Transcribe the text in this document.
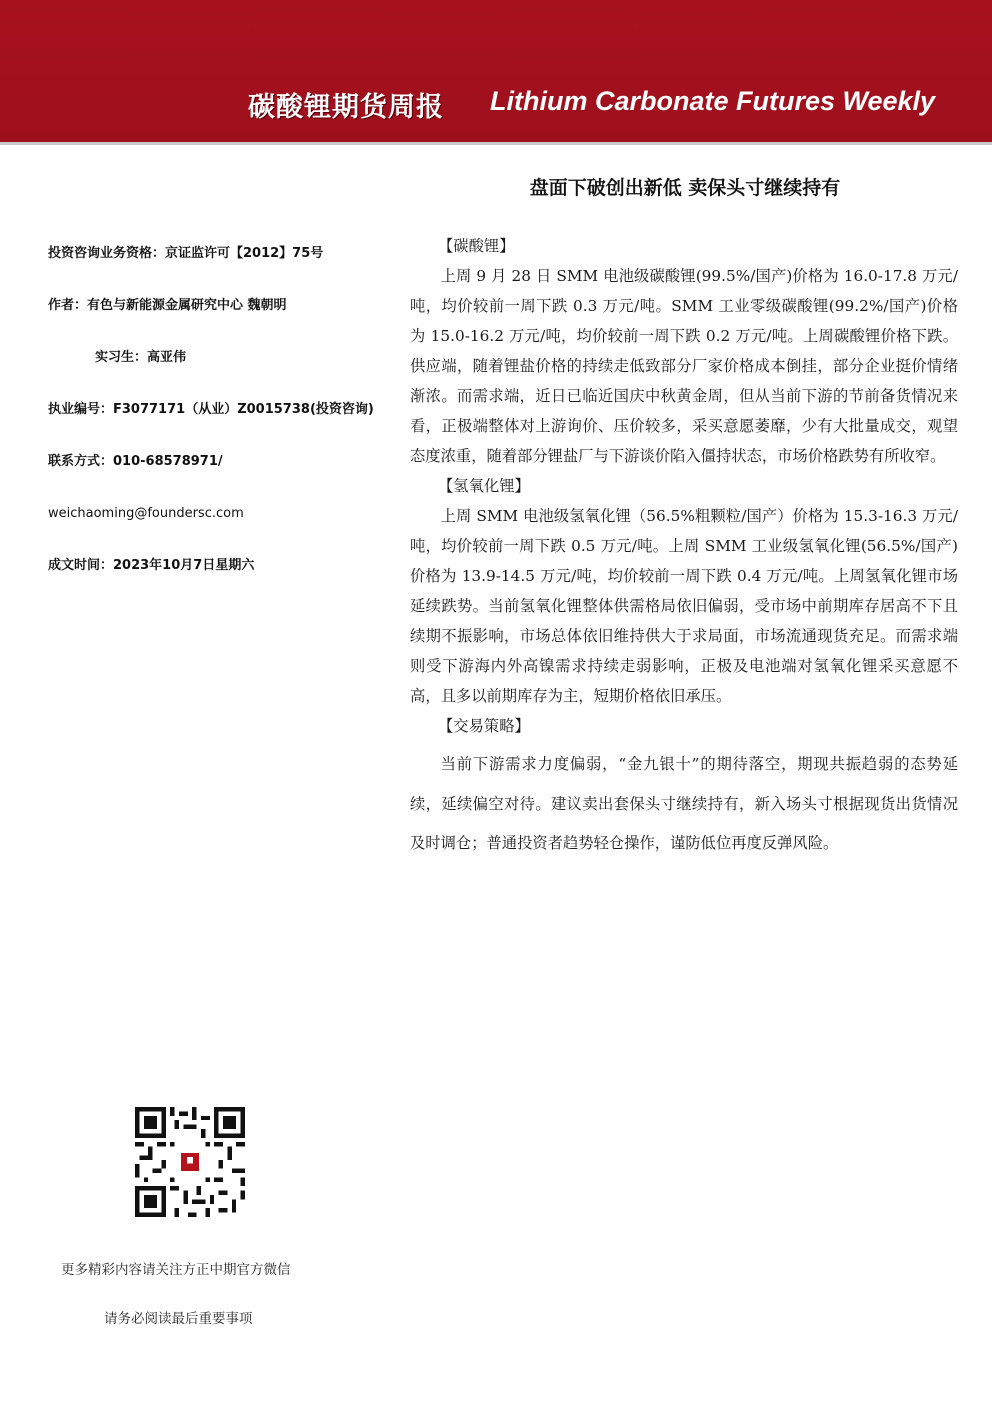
碳酸锂期货周报 Lithium Carbonate Futures Weekly
盘面下破创出新低 卖保头寸继续持有
投资咨询业务资格：京证监许可【2012】75号
作者：有色与新能源金属研究中心 魏朝明
实习生：高亚伟
执业编号：F3077171（从业）Z0015738(投资咨询)
联系方式：010-68578971/
weichaoming@foundersc.com
成文时间：2023年10月7日星期六
【碳酸锂】

上周 9 月 28 日 SMM 电池级碳酸锂(99.5%/国产)价格为 16.0-17.8 万元/吨，均价较前一周下跌 0.3 万元/吨。SMM 工业零级碳酸锂(99.2%/国产)价格为 15.0-16.2 万元/吨，均价较前一周下跌 0.2 万元/吨。上周碳酸锂价格下跌。供应端，随着锂盐价格的持续走低致部分厂家价格成本倒挂，部分企业挺价情绪渐浓。而需求端，近日已临近国庆中秋黄金周，但从当前下游的节前备货情况来看，正极端整体对上游询价、压价较多，采买意愿萎靡，少有大批量成交，观望态度浓重，随着部分锂盐厂与下游谈价陷入僵持状态，市场价格跌势有所收窄。

【氢氧化锂】

上周 SMM 电池级氢氧化锂（56.5%粗颗粒/国产）价格为 15.3-16.3 万元/吨，均价较前一周下跌 0.5 万元/吨。上周 SMM 工业级氢氧化锂(56.5%/国产)价格为 13.9-14.5 万元/吨，均价较前一周下跌 0.4 万元/吨。上周氢氧化锂市场延续跌势。当前氢氧化锂整体供需格局依旧偏弱，受市场中前期库存居高不下且续期不振影响，市场总体依旧维持供大于求局面，市场流通现货充足。而需求端则受下游海内外高镍需求持续走弱影响，正极及电池端对氢氧化锂采买意愿不高，且多以前期库存为主，短期价格依旧承压。

【交易策略】

当前下游需求力度偏弱，“金九银十”的期待落空，期现共振趋弱的态势延续，延续偏空对待。建议卖出套保头寸继续持有，新入场头寸根据现货出货情况及时调仓；普通投资者趋势轻仓操作，谨防低位再度反弹风险。

更多精彩内容请关注方正中期官方微信
请务必阅读最后重要事项
